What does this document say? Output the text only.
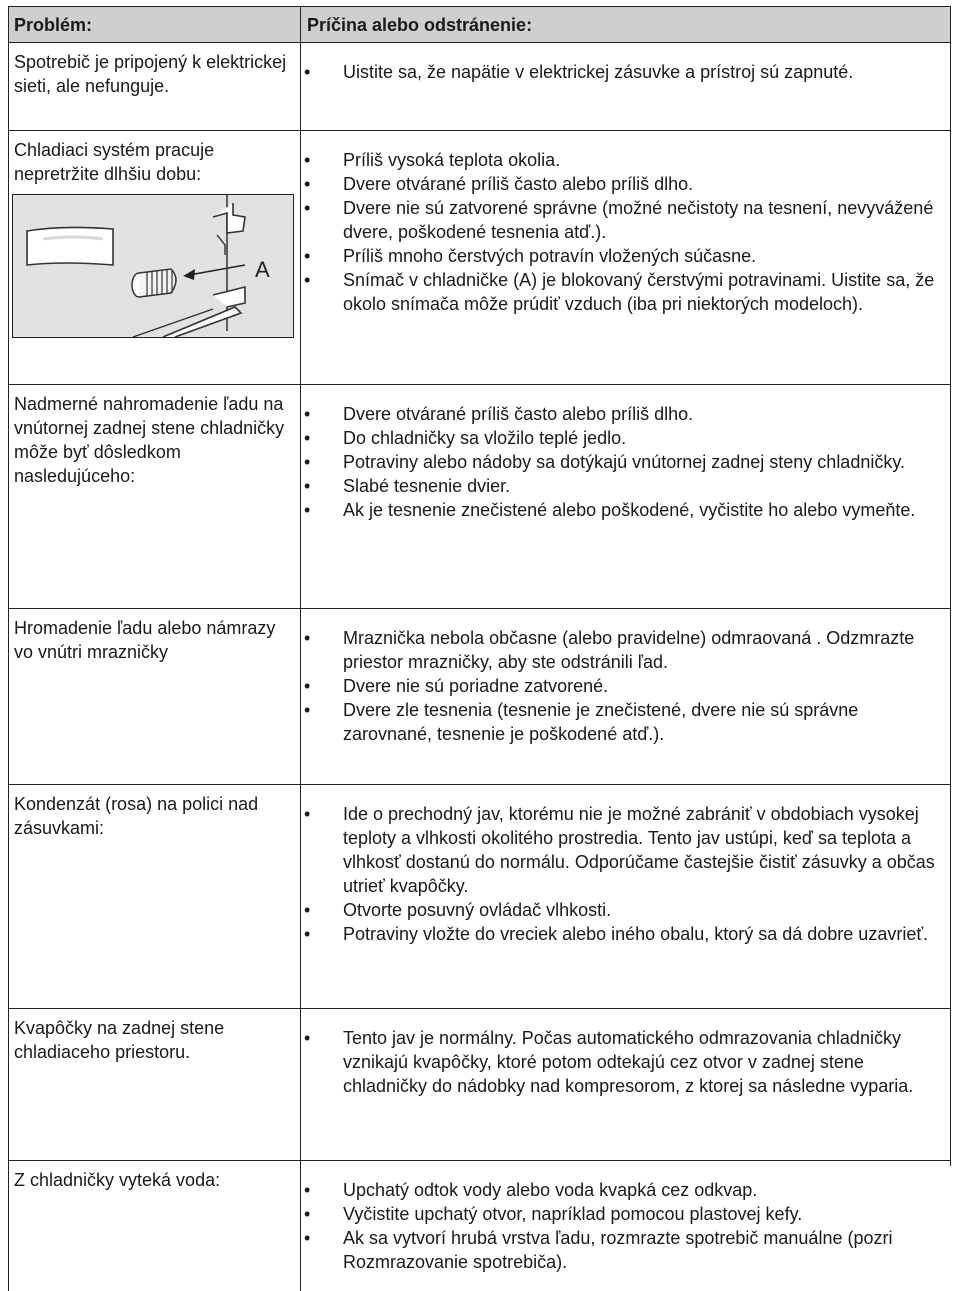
Problém:	Príčina alebo odstránenie:
Spotrebič je pripojený k elektrickej sieti, ale nefunguje.
• Uistite sa, že napätie v elektrickej zásuvke a prístroj sú zapnuté.
Chladiaci systém pracuje nepretržite dlhšiu dobu:
A
• Príliš vysoká teplota okolia.
• Dvere otvárané príliš často alebo príliš dlho.
• Dvere nie sú zatvorené správne (možné nečistoty na tesnení, nevyvážené dvere, poškodené tesnenia atď.).
• Príliš mnoho čerstvých potravín vložených súčasne.
• Snímač v chladničke (A) je blokovaný čerstvými potravinami. Uistite sa, že okolo snímača môže prúdiť vzduch (iba pri niektorých modeloch).
Nadmerné nahromadenie ľadu na vnútornej zadnej stene chladničky môže byť dôsledkom nasledujúceho:
• Dvere otvárané príliš často alebo príliš dlho.
• Do chladničky sa vložilo teplé jedlo.
• Potraviny alebo nádoby sa dotýkajú vnútornej zadnej steny chladničky.
• Slabé tesnenie dvier.
• Ak je tesnenie znečistené alebo poškodené, vyčistite ho alebo vymeňte.
Hromadenie ľadu alebo námrazy vo vnútri mrazničky
• Mraznička nebola občasne (alebo pravidelne) odmraovaná . Odzmrazte priestor mrazničky, aby ste odstránili ľad.
• Dvere nie sú poriadne zatvorené.
• Dvere zle tesnenia (tesnenie je znečistené, dvere nie sú správne zarovnané, tesnenie je poškodené atď.).
Kondenzát (rosa) na polici nad zásuvkami:
• Ide o prechodný jav, ktorému nie je možné zabrániť v obdobiach vysokej teploty a vlhkosti okolitého prostredia. Tento jav ustúpi, keď sa teplota a vlhkosť dostanú do normálu. Odporúčame častejšie čistiť zásuvky a občas utrieť kvapôčky.
• Otvorte posuvný ovládač vlhkosti.
• Potraviny vložte do vreciek alebo iného obalu, ktorý sa dá dobre uzavrieť.
Kvapôčky na zadnej stene chladiaceho priestoru.
• Tento jav je normálny. Počas automatického odmrazovania chladničky vznikajú kvapôčky, ktoré potom odtekajú cez otvor v zadnej stene chladničky do nádobky nad kompresorom, z ktorej sa následne vyparia.
Z chladničky vyteká voda:	• Upchatý odtok vody alebo voda kvapká cez odkvap.
• Vyčistite upchatý otvor, napríklad pomocou plastovej kefy.
• Ak sa vytvorí hrubá vrstva ľadu, rozmrazte spotrebič manuálne (pozri Rozmrazovanie spotrebiča).
